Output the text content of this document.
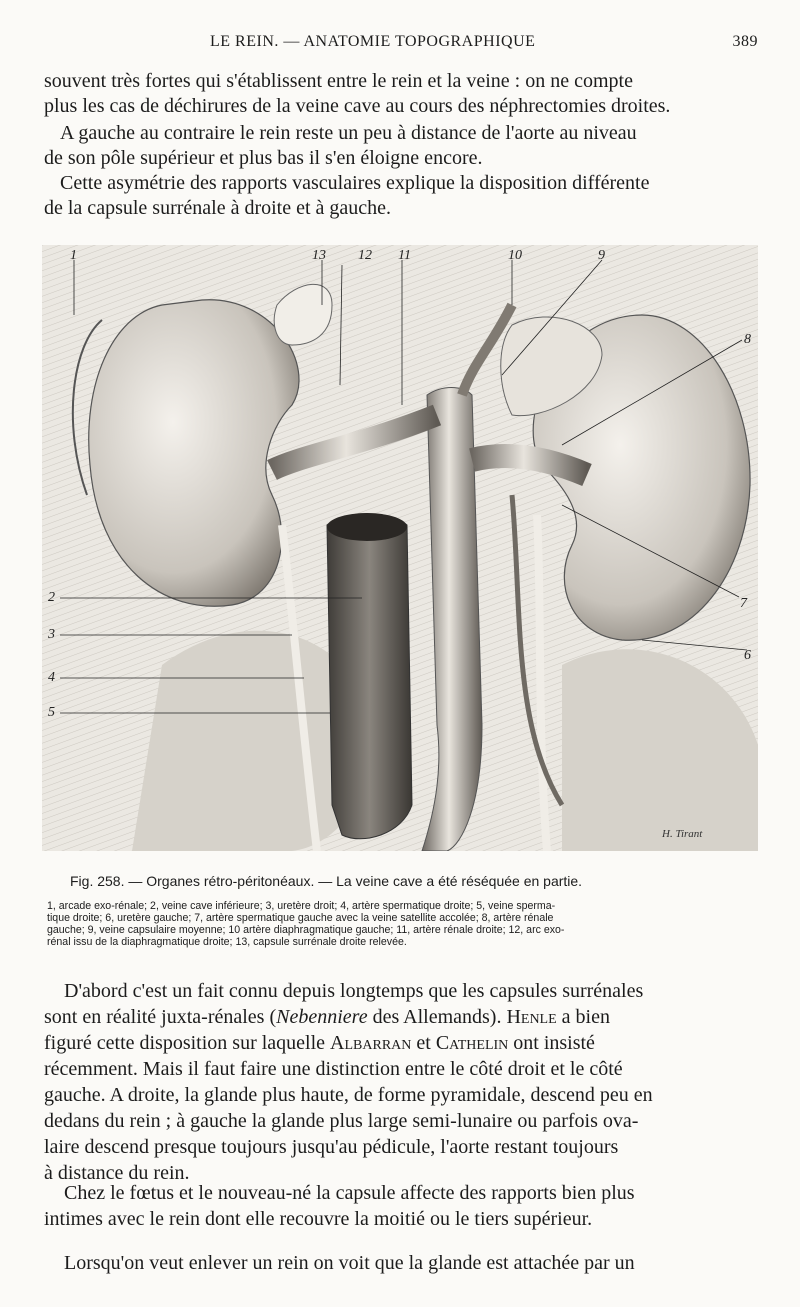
LE REIN. — ANATOMIE TOPOGRAPHIQUE	389
souvent très fortes qui s'établissent entre le rein et la veine : on ne compte
plus les cas de déchirures de la veine cave au cours des néphrectomies droites.
A gauche au contraire le rein reste un peu à distance de l'aorte au niveau
de son pôle supérieur et plus bas il s'en éloigne encore.
Cette asymétrie des rapports vasculaires explique la disposition différente
de la capsule surrénale à droite et à gauche.
1	13 12 11	10	9
8
7
6
2
3
4
5
H. Tirant
Fig. 258. — Organes rétro-péritonéaux. — La veine cave a été réséquée en partie.
1, arcade exo-rénale; 2, veine cave inférieure; 3, uretère droit; 4, artère spermatique droite; 5, veine sperma-
tique droite; 6, uretère gauche; 7, artère spermatique gauche avec la veine satellite accolée; 8, artère rénale
gauche; 9, veine capsulaire moyenne; 10 artère diaphragmatique gauche; 11, artère rénale droite; 12, arc exo-
rénal issu de la diaphragmatique droite; 13, capsule surrénale droite relevée.
D'abord c'est un fait connu depuis longtemps que les capsules surrénales
sont en réalité juxta-rénales (Nebenniere des Allemands). Henle a bien
figuré cette disposition sur laquelle Albarran et Cathelin ont insisté
récemment. Mais il faut faire une distinction entre le côté droit et le côté
gauche. A droite, la glande plus haute, de forme pyramidale, descend peu en
dedans du rein ; à gauche la glande plus large semi-lunaire ou parfois ova-
laire descend presque toujours jusqu'au pédicule, l'aorte restant toujours
à distance du rein.
Chez le fœtus et le nouveau-né la capsule affecte des rapports bien plus
intimes avec le rein dont elle recouvre la moitié ou le tiers supérieur.
Lorsqu'on veut enlever un rein on voit que la glande est attachée par un
